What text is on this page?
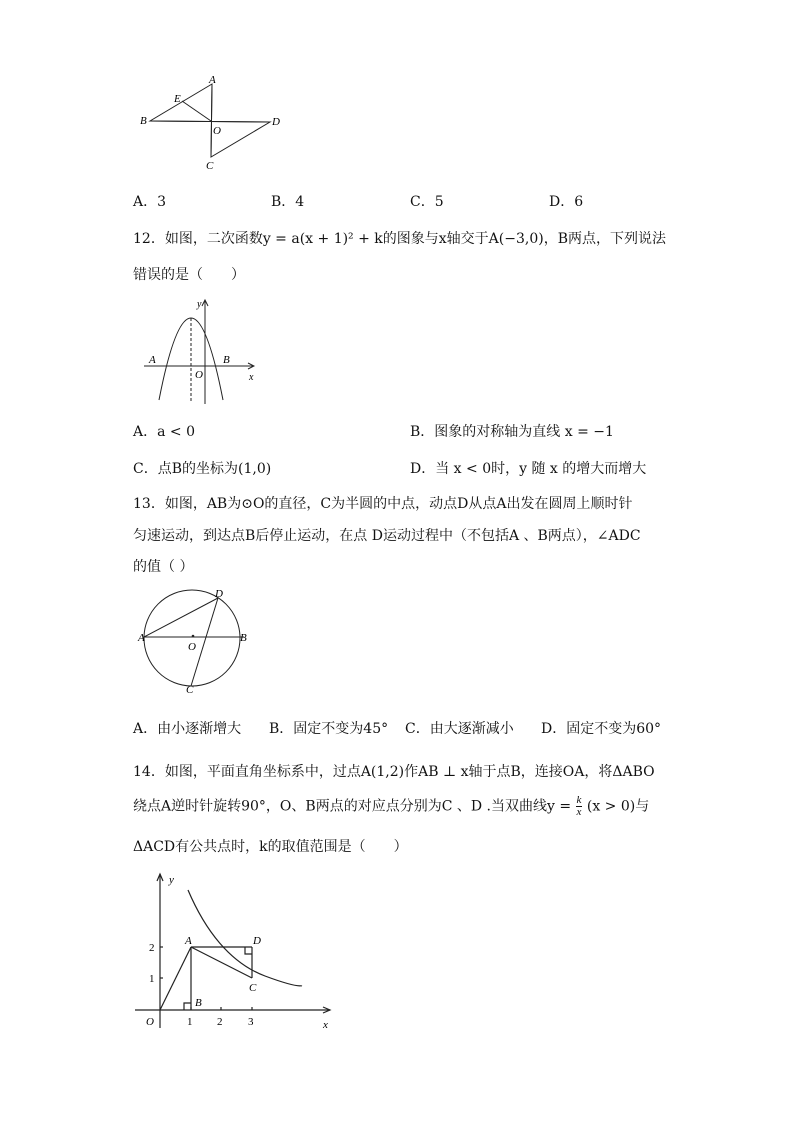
A
E
B
O
D
C
A．3	B．4	C．5	D．6
12．如图，二次函数y = a(x + 1)² + k的图象与x轴交于A(−3,0)，B两点，下列说法
错误的是（　　）
y
x
A	B
O
A．a < 0	B．图象的对称轴为直线 x = −1
C．点B的坐标为(1,0)	D．当 x < 0时，y 随 x 的增大而增大
13．如图，AB为⊙O的直径，C为半圆的中点，动点D从点A出发在圆周上顺时针
匀速运动，到达点B后停止运动，在点 D运动过程中（不包括A 、B两点），∠ADC
的值（ ）
D
A	B
O
C
A．由小逐渐增大 B．固定不变为45° C．由大逐渐减小 D．固定不变为60°
14．如图，平面直角坐标系中，过点A(1,2)作AB ⊥ x轴于点B，连接OA，将ΔABO
绕点A逆时针旋转90°，O、B两点的对应点分别为C 、D .当双曲线$y = \frac{k}{x} (x > 0)$与
ΔACD有公共点时，k的取值范围是（　　）
y
x
O
A	D
C
B
1 2 3
1
2
